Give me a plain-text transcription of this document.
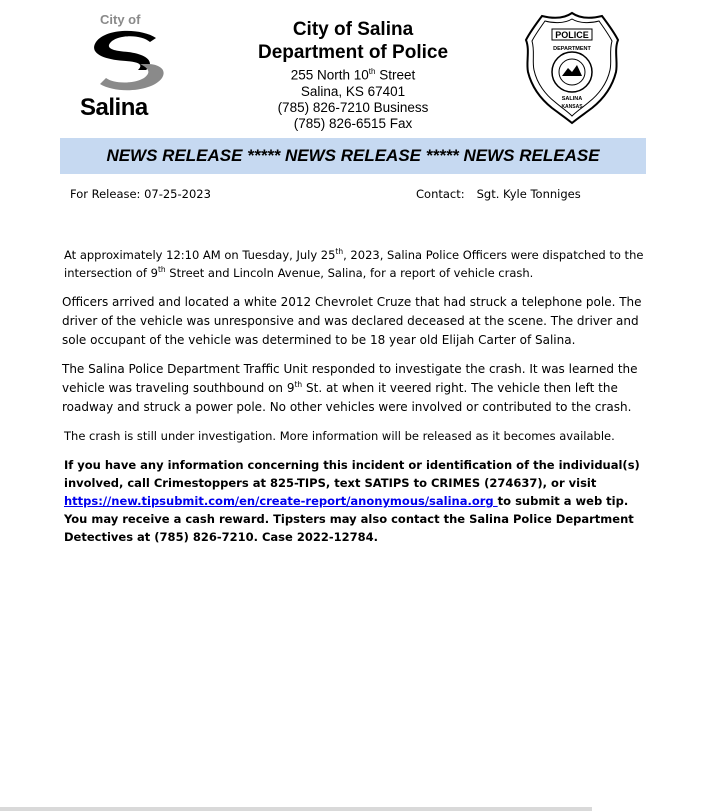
City of
Salina
City of Salina
Department of Police
255 North 10th Street
Salina, KS 67401
(785) 826-7210 Business
(785) 826-6515 Fax
POLICE
DEPARTMENT
SALINA
KANSAS
NEWS RELEASE ***** NEWS RELEASE ***** NEWS RELEASE
For Release: 07-25-2023	Contact: Sgt. Kyle Tonniges
At approximately 12:10 AM on Tuesday, July 25th, 2023, Salina Police Officers were dispatched to the intersection of 9th Street and Lincoln Avenue, Salina, for a report of vehicle crash.
Officers arrived and located a white 2012 Chevrolet Cruze that had struck a telephone pole. The driver of the vehicle was unresponsive and was declared deceased at the scene. The driver and sole occupant of the vehicle was determined to be 18 year old Elijah Carter of Salina.
The Salina Police Department Traffic Unit responded to investigate the crash. It was learned the vehicle was traveling southbound on 9th St. at when it veered right. The vehicle then left the roadway and struck a power pole. No other vehicles were involved or contributed to the crash.
The crash is still under investigation. More information will be released as it becomes available.
If you have any information concerning this incident or identification of the individual(s) involved, call Crimestoppers at 825-TIPS, text SATIPS to CRIMES (274637), or visit https://new.tipsubmit.com/en/create-report/anonymous/salina.org to submit a web tip. You may receive a cash reward. Tipsters may also contact the Salina Police Department Detectives at (785) 826-7210. Case 2022-12784.
